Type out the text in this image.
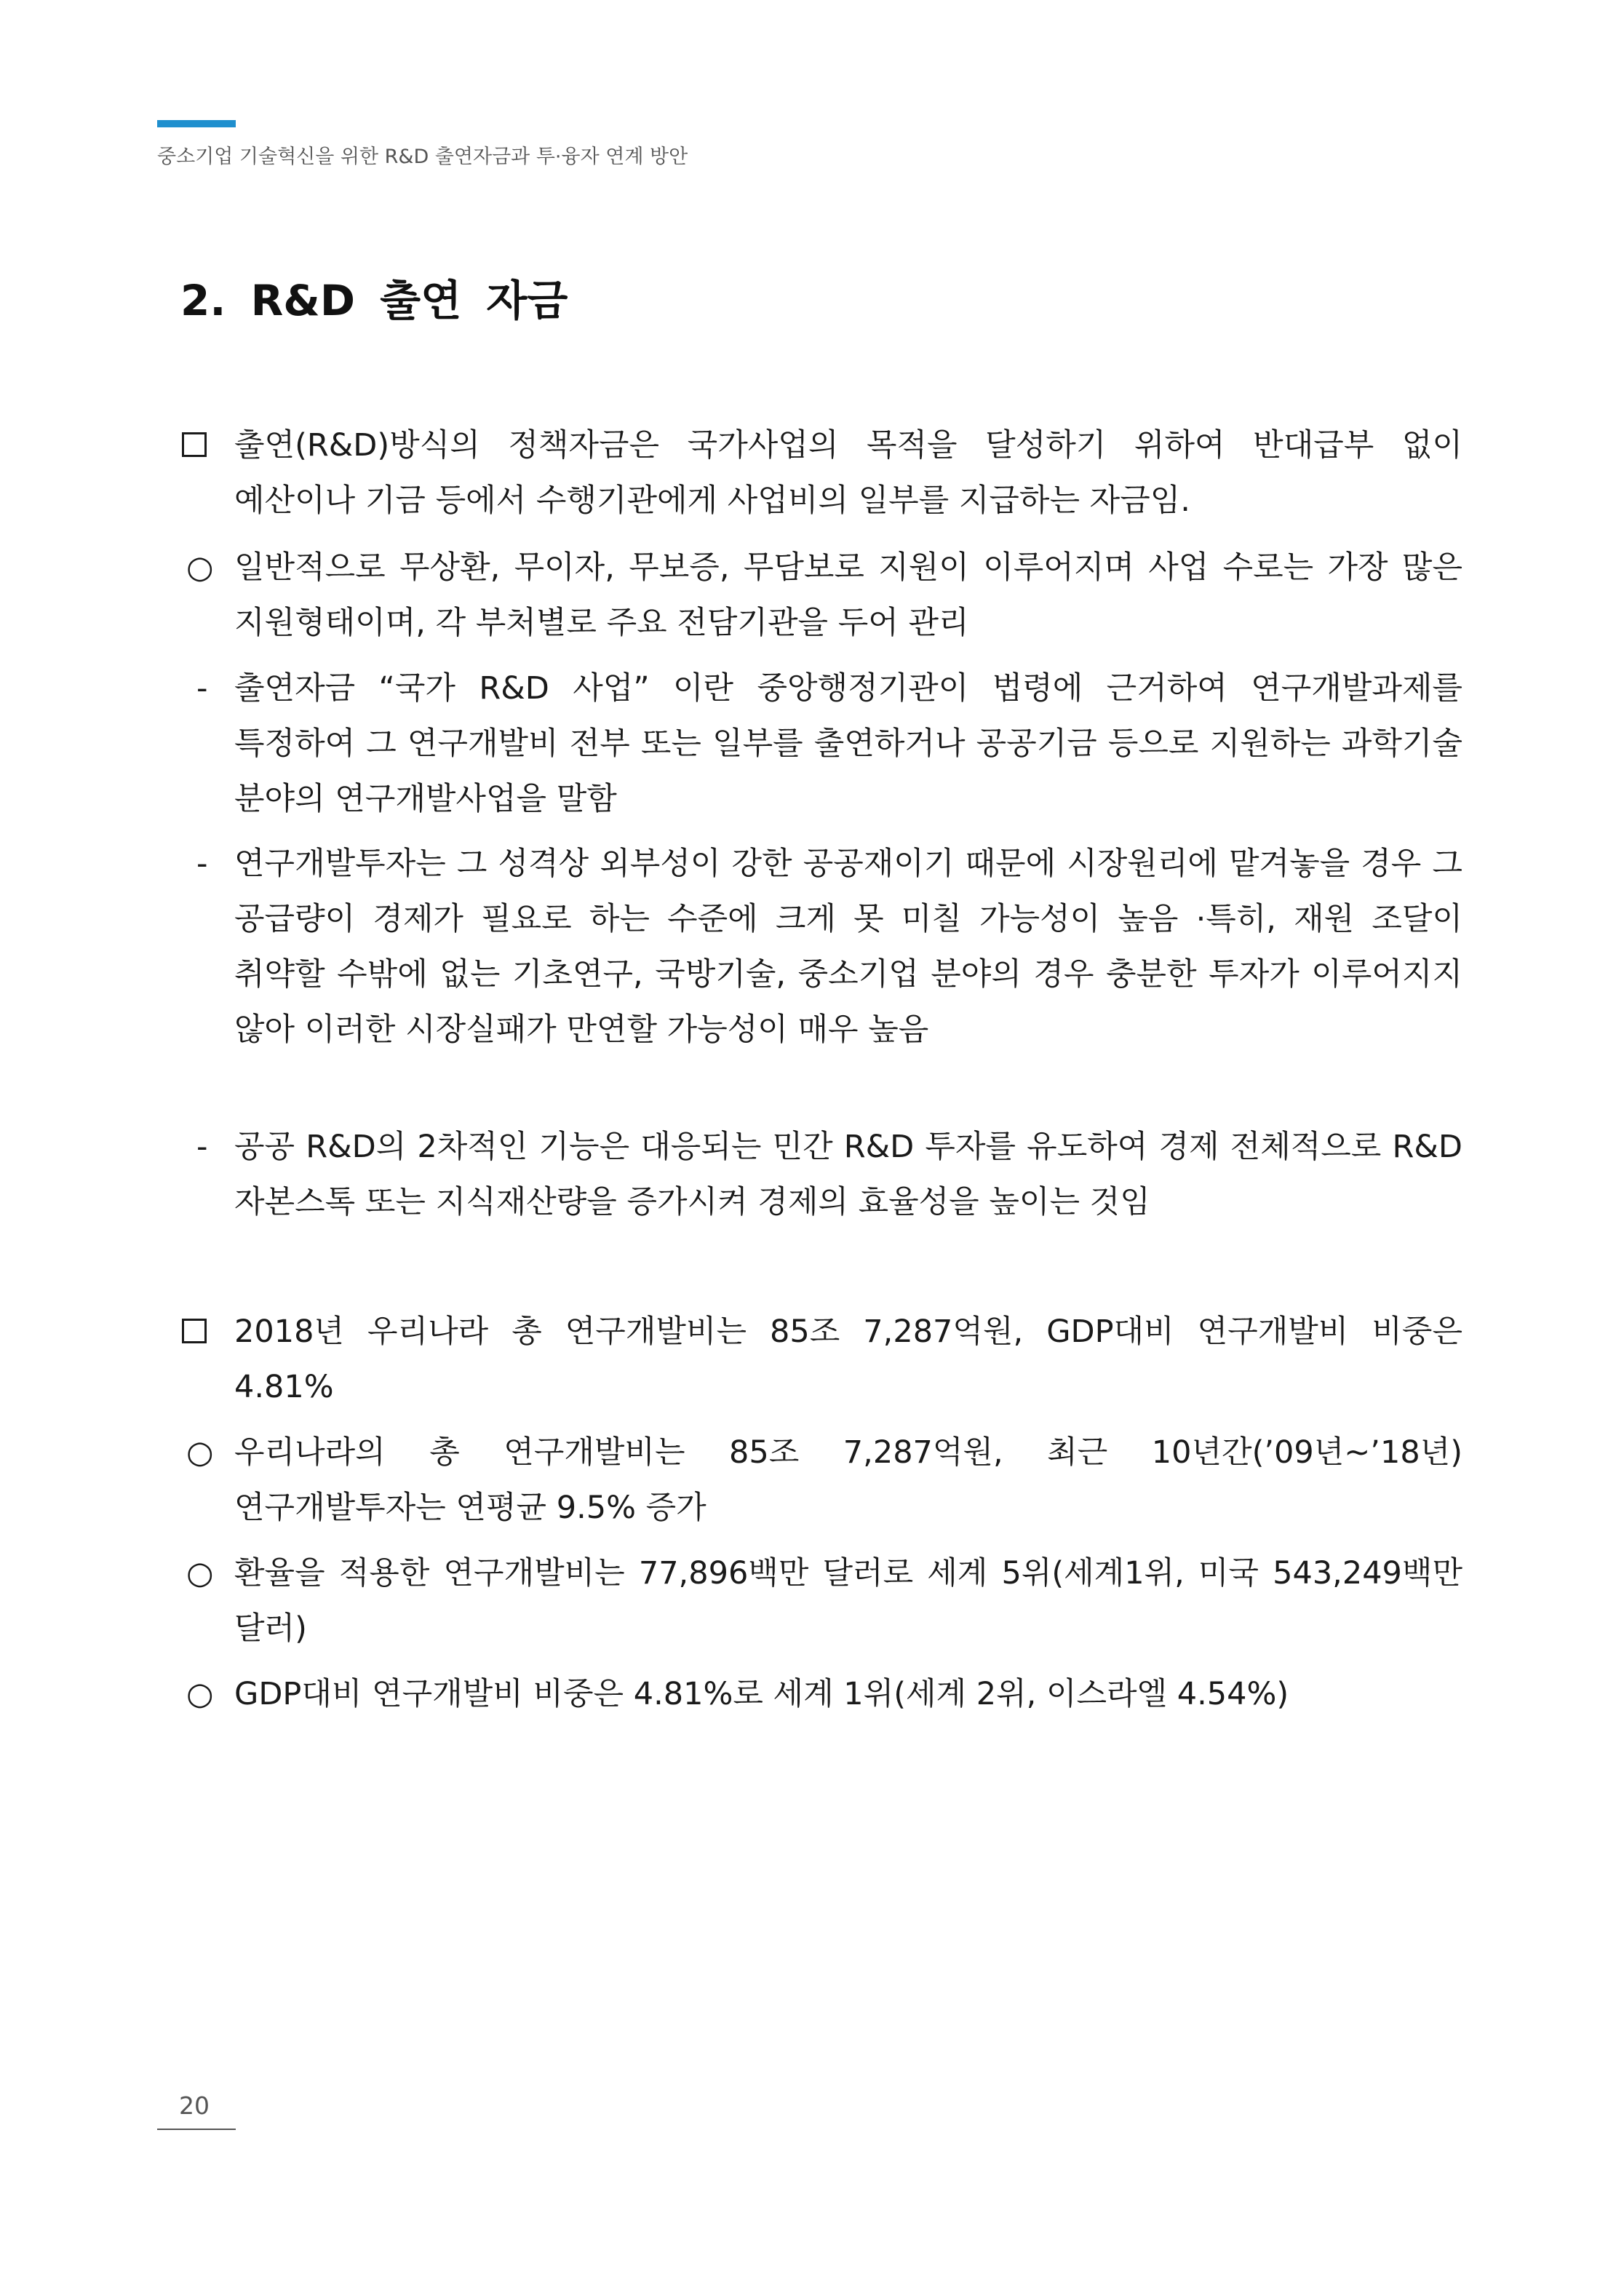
중소기업 기술혁신을 위한 R&D 출연자금과 투·융자 연계 방안
2. R&D 출연 자금
출연(R&D)방식의 정책자금은 국가사업의 목적을 달성하기 위하여 반대급부 없이 예산이나 기금 등에서 수행기관에게 사업비의 일부를 지급하는 자금임.
○ 일반적으로 무상환, 무이자, 무보증, 무담보로 지원이 이루어지며 사업 수로는 가장 많은 지원형태이며, 각 부처별로 주요 전담기관을 두어 관리
- 출연자금 “국가 R&D 사업” 이란 중앙행정기관이 법령에 근거하여 연구개발과제를 특정하여 그 연구개발비 전부 또는 일부를 출연하거나 공공기금 등으로 지원하는 과학기술 분야의 연구개발사업을 말함
- 연구개발투자는 그 성격상 외부성이 강한 공공재이기 때문에 시장원리에 맡겨놓을 경우 그 공급량이 경제가 필요로 하는 수준에 크게 못 미칠 가능성이 높음 ·특히, 재원 조달이 취약할 수밖에 없는 기초연구, 국방기술, 중소기업 분야의 경우 충분한 투자가 이루어지지 않아 이러한 시장실패가 만연할 가능성이 매우 높음
- 공공 R&D의 2차적인 기능은 대응되는 민간 R&D 투자를 유도하여 경제 전체적으로 R&D 자본스톡 또는 지식재산량을 증가시켜 경제의 효율성을 높이는 것임
2018년 우리나라 총 연구개발비는 85조 7,287억원, GDP대비 연구개발비 비중은 4.81%
○ 우리나라의 총 연구개발비는 85조 7,287억원, 최근 10년간(’09년~’18년) 연구개발투자는 연평균 9.5% 증가
○ 환율을 적용한 연구개발비는 77,896백만 달러로 세계 5위(세계1위, 미국 543,249백만 달러)
○ GDP대비 연구개발비 비중은 4.81%로 세계 1위(세계 2위, 이스라엘 4.54%)
20
